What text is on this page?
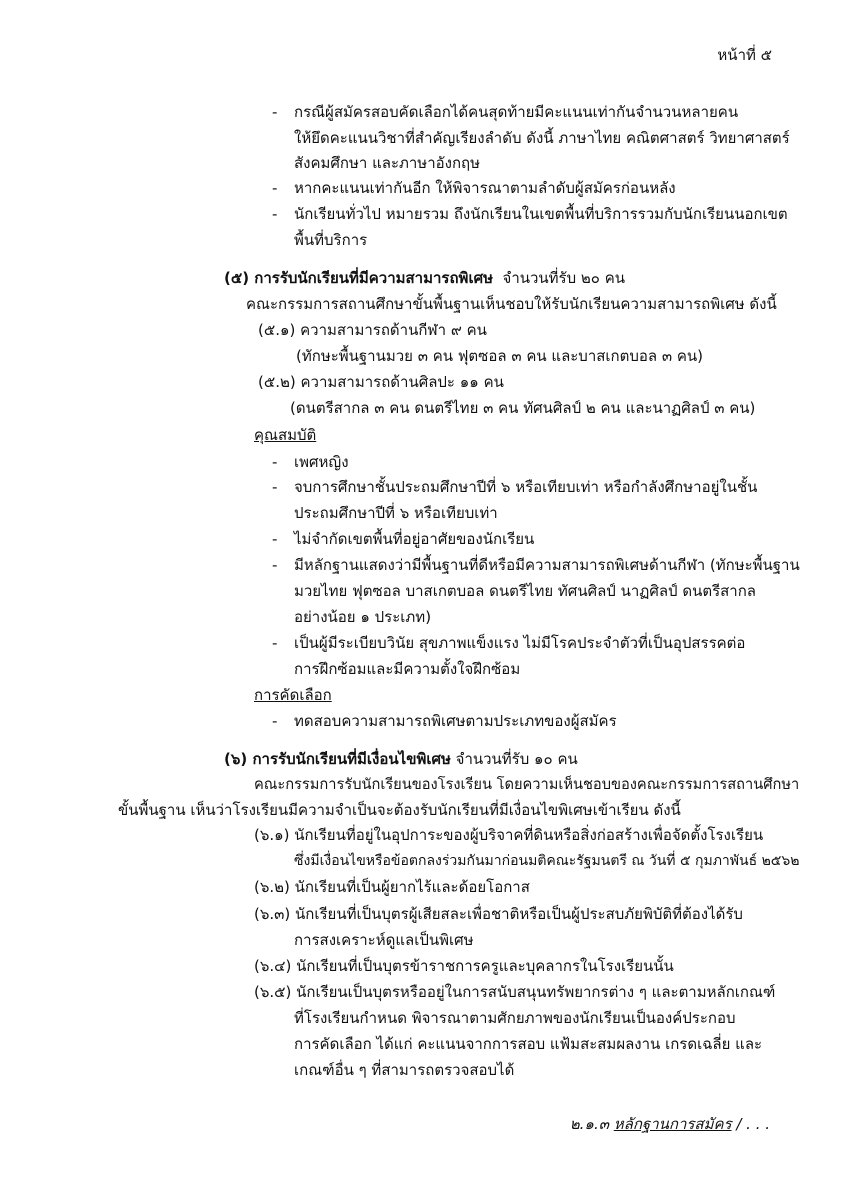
หน้าที่ ๕
- กรณีผู้สมัครสอบคัดเลือกได้คนสุดท้ายมีคะแนนเท่ากันจำนวนหลายคน
ให้ยึดคะแนนวิชาที่สำคัญเรียงลำดับ ดังนี้ ภาษาไทย คณิตศาสตร์ วิทยาศาสตร์
สังคมศึกษา และภาษาอังกฤษ
- หากคะแนนเท่ากันอีก ให้พิจารณาตามลำดับผู้สมัครก่อนหลัง
- นักเรียนทั่วไป หมายรวม ถึงนักเรียนในเขตพื้นที่บริการรวมกับนักเรียนนอกเขต
พื้นที่บริการ
(๕) การรับนักเรียนที่มีความสามารถพิเศษ จำนวนที่รับ ๒๐ คน
คณะกรรมการสถานศึกษาขั้นพื้นฐานเห็นชอบให้รับนักเรียนความสามารถพิเศษ ดังนี้
(๕.๑) ความสามารถด้านกีฬา ๙ คน
(ทักษะพื้นฐานมวย ๓ คน ฟุตซอล ๓ คน และบาสเกตบอล ๓ คน)
(๕.๒) ความสามารถด้านศิลปะ ๑๑ คน
(ดนตรีสากล ๓ คน ดนตรีไทย ๓ คน ทัศนศิลป์ ๒ คน และนาฏศิลป์ ๓ คน)
คุณสมบัติ
- เพศหญิง
- จบการศึกษาชั้นประถมศึกษาปีที่ ๖ หรือเทียบเท่า หรือกำลังศึกษาอยู่ในชั้น
ประถมศึกษาปีที่ ๖ หรือเทียบเท่า
- ไม่จำกัดเขตพื้นที่อยู่อาศัยของนักเรียน
- มีหลักฐานแสดงว่ามีพื้นฐานที่ดีหรือมีความสามารถพิเศษด้านกีฬา (ทักษะพื้นฐาน
มวยไทย ฟุตซอล บาสเกตบอล ดนตรีไทย ทัศนศิลป์ นาฏศิลป์ ดนตรีสากล
อย่างน้อย ๑ ประเภท)
- เป็นผู้มีระเบียบวินัย สุขภาพแข็งแรง ไม่มีโรคประจำตัวที่เป็นอุปสรรคต่อ
การฝึกซ้อมและมีความตั้งใจฝึกซ้อม
การคัดเลือก
- ทดสอบความสามารถพิเศษตามประเภทของผู้สมัคร
(๖) การรับนักเรียนที่มีเงื่อนไขพิเศษ จำนวนที่รับ ๑๐ คน
คณะกรรมการรับนักเรียนของโรงเรียน โดยความเห็นชอบของคณะกรรมการสถานศึกษา
ขั้นพื้นฐาน เห็นว่าโรงเรียนมีความจำเป็นจะต้องรับนักเรียนที่มีเงื่อนไขพิเศษเข้าเรียน ดังนี้
(๖.๑) นักเรียนที่อยู่ในอุปการะของผู้บริจาคที่ดินหรือสิ่งก่อสร้างเพื่อจัดตั้งโรงเรียน
ซึ่งมีเงื่อนไขหรือข้อตกลงร่วมกันมาก่อนมติคณะรัฐมนตรี ณ วันที่ ๕ กุมภาพันธ์ ๒๕๖๒
(๖.๒) นักเรียนที่เป็นผู้ยากไร้และด้อยโอกาส
(๖.๓) นักเรียนที่เป็นบุตรผู้เสียสละเพื่อชาติหรือเป็นผู้ประสบภัยพิบัติที่ต้องได้รับ
การสงเคราะห์ดูแลเป็นพิเศษ
(๖.๔) นักเรียนที่เป็นบุตรข้าราชการครูและบุคลากรในโรงเรียนนั้น
(๖.๕) นักเรียนเป็นบุตรหรืออยู่ในการสนับสนุนทรัพยากรต่าง ๆ และตามหลักเกณฑ์
ที่โรงเรียนกำหนด พิจารณาตามศักยภาพของนักเรียนเป็นองค์ประกอบ
การคัดเลือก ได้แก่ คะแนนจากการสอบ แฟ้มสะสมผลงาน เกรดเฉลี่ย และ
เกณฑ์อื่น ๆ ที่สามารถตรวจสอบได้
๒.๑.๓ หลักฐานการสมัคร / . . .
